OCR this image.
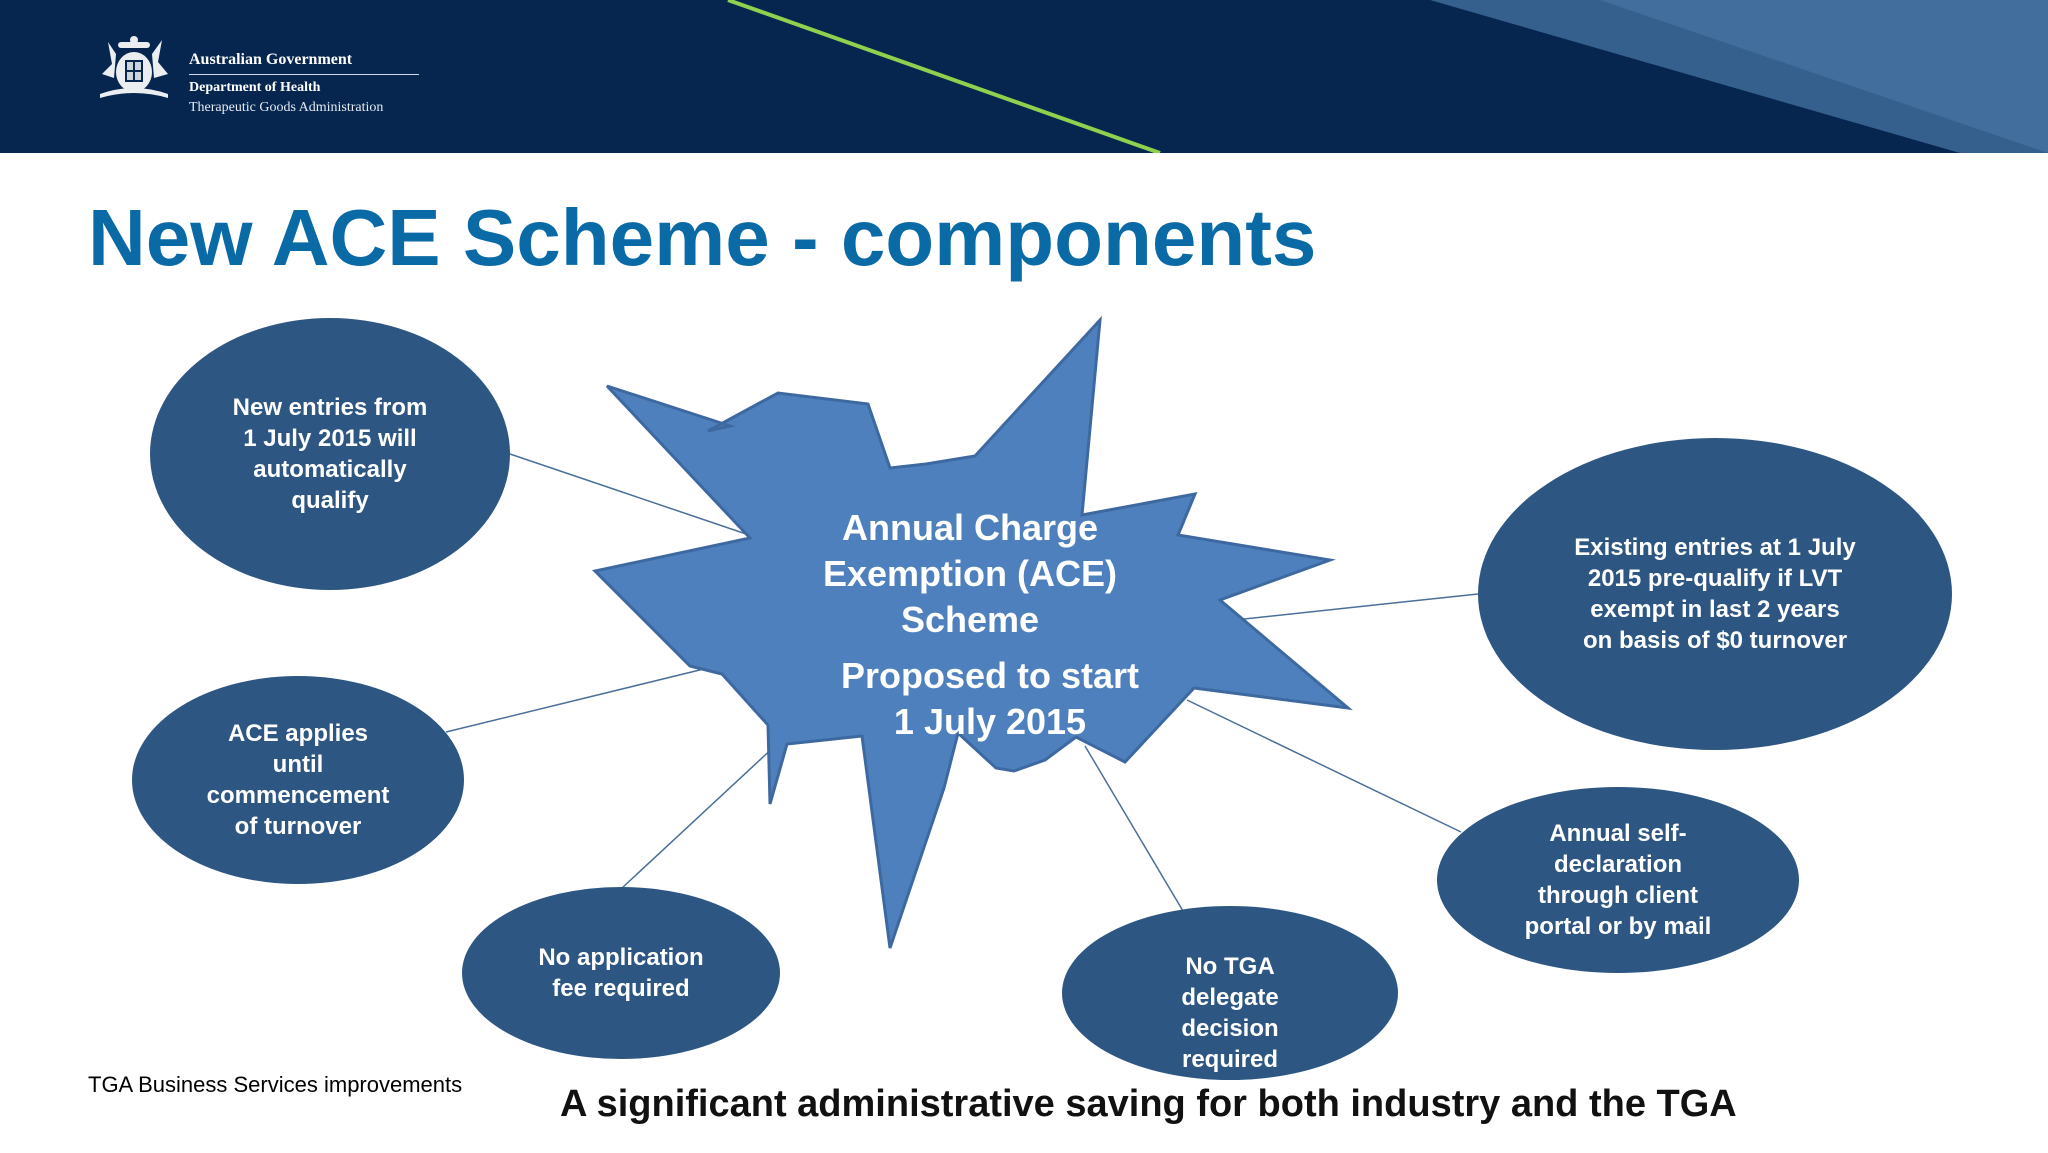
Australian Government
Department of Health
Therapeutic Goods Administration
New ACE Scheme - components
Annual Charge
Exemption (ACE)
Scheme
Proposed to start
1 July 2015
New entries from
1 July 2015 will
automatically
qualify
ACE applies
until
commencement
of turnover
No application
fee required
No TGA
delegate
decision
required
Annual self-
declaration
through client
portal or by mail
Existing entries at 1 July
2015 pre-qualify if LVT
exempt in last 2 years
on basis of $0 turnover
TGA Business Services improvements	A significant administrative saving for both industry and the TGA
